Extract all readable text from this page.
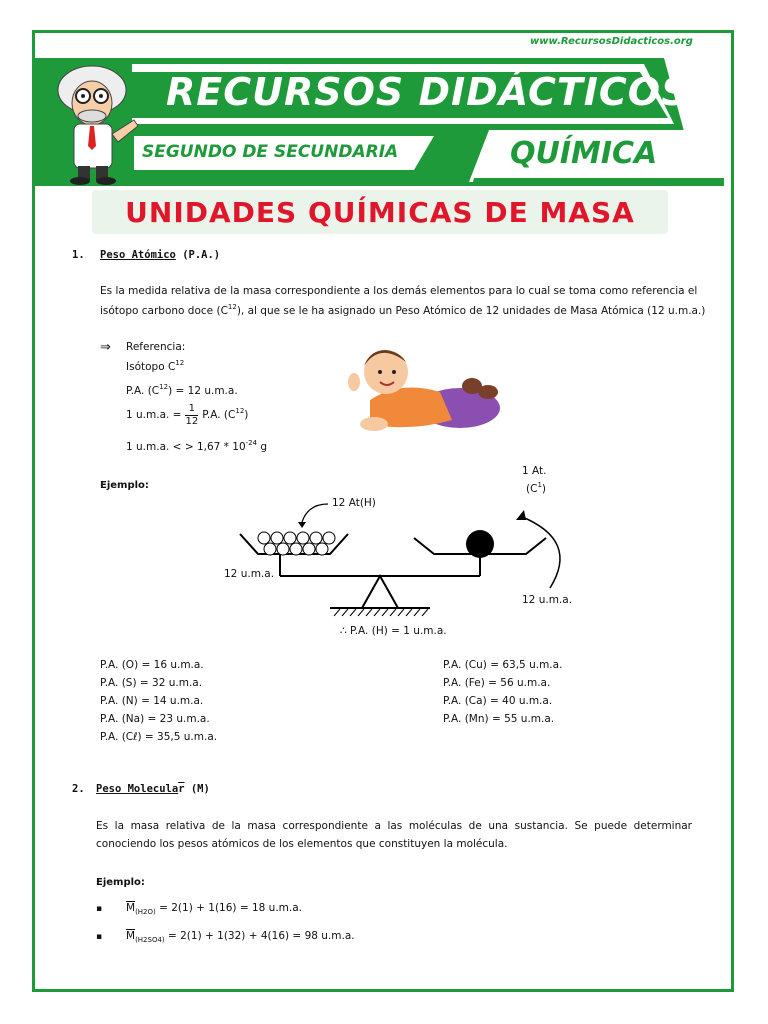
www.RecursosDidacticos.org
RECURSOS DIDÁCTICOS
SEGUNDO DE SECUNDARIA	QUÍMICA
UNIDADES QUÍMICAS DE MASA
1. Peso Atómico (P.A.)
Es la medida relativa de la masa correspondiente a los demás elementos para lo cual se toma como referencia el
isótopo carbono doce $(C^{12})$, al que se le ha asignado un Peso Atómico de 12 unidades de Masa Atómica (12 u.m.a.)
⇒ Referencia:
Isótopo $C^{12}$
P.A. $(C^{12}) = 12$ u.m.a.
1 u.m.a. = $\frac{1}{12} P.A$. $(C^{12})$
1 u.m.a. < > $1,67 * 10^{-24}$ g
Ejemplo:
12 At(H)
12 u.m.a.
1 At.
$(C^1)$
12 u.m.a.
∴ P.A. (H) = 1 u.m.a.
P.A. (O) = 16 u.m.a.
P.A. (S) = 32 u.m.a.
P.A. (N) = 14 u.m.a.
P.A. (Na) = 23 u.m.a.
P.A. (Cℓ) = 35,5 u.m.a.
P.A. (Cu) = 63,5 u.m.a.
P.A. (Fe) = 56 u.m.a.
P.A. (Ca) = 40 u.m.a.
P.A. (Mn) = 55 u.m.a.
2. Peso $Molecula\overline{r}$ (M)
Es la masa relativa de la masa correspondiente a las moléculas de una sustancia. Se puede determinar
conociendo los pesos atómicos de los elementos que constituyen la molécula.
Ejemplo:
▪ $\overline{M}_{(H2O)} = 2(1) + 1(16) = 18$ u.m.a.
▪ $\overline{M}_{(H2SO4)} = 2(1) + 1(32) + 4(16) = 98$ u.m.a.
